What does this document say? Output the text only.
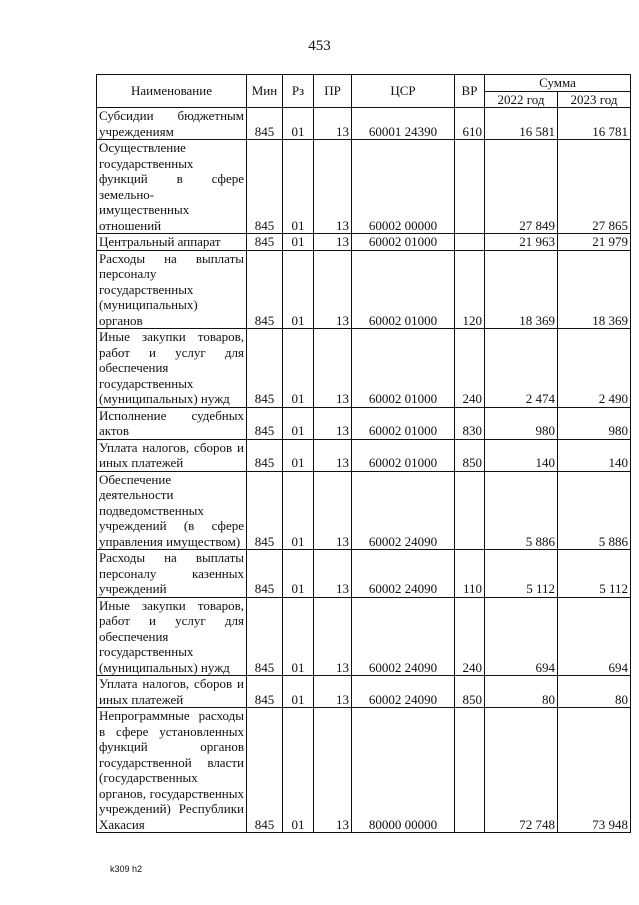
453
Наименование	Мин	Рз	ПР	ЦСР	ВР	Сумма	
						2022 год	2023 год
Субсидии бюджетным учреждениям	845	01	13	60001 24390	610	16 581	16 781
Осуществление государственных функций в сфере земельно-имущественных отношений	845	01	13	60002 00000		27 849	27 865
Центральный аппарат	845	01	13	60002 01000		21 963	21 979
Расходы на выплаты персоналу государственных (муниципальных) органов	845	01	13	60002 01000	120	18 369	18 369
Иные закупки товаров, работ и услуг для обеспечения государственных (муниципальных) нужд	845	01	13	60002 01000	240	2 474	2 490
Исполнение судебных актов	845	01	13	60002 01000	830	980	980
Уплата налогов, сборов и иных платежей	845	01	13	60002 01000	850	140	140
Обеспечение деятельности подведомственных учреждений (в сфере управления имуществом)	845	01	13	60002 24090		5 886	5 886
Расходы на выплаты персоналу казенных учреждений	845	01	13	60002 24090	110	5 112	5 112
Иные закупки товаров, работ и услуг для обеспечения государственных (муниципальных) нужд	845	01	13	60002 24090	240	694	694
Уплата налогов, сборов и иных платежей	845	01	13	60002 24090	850	80	80
Непрограммные расходы в сфере установленных функций органов государственной власти (государственных органов, государственных учреждений) Республики Хакасия	845	01	13	80000 00000		72 748	73 948
k309 h2
